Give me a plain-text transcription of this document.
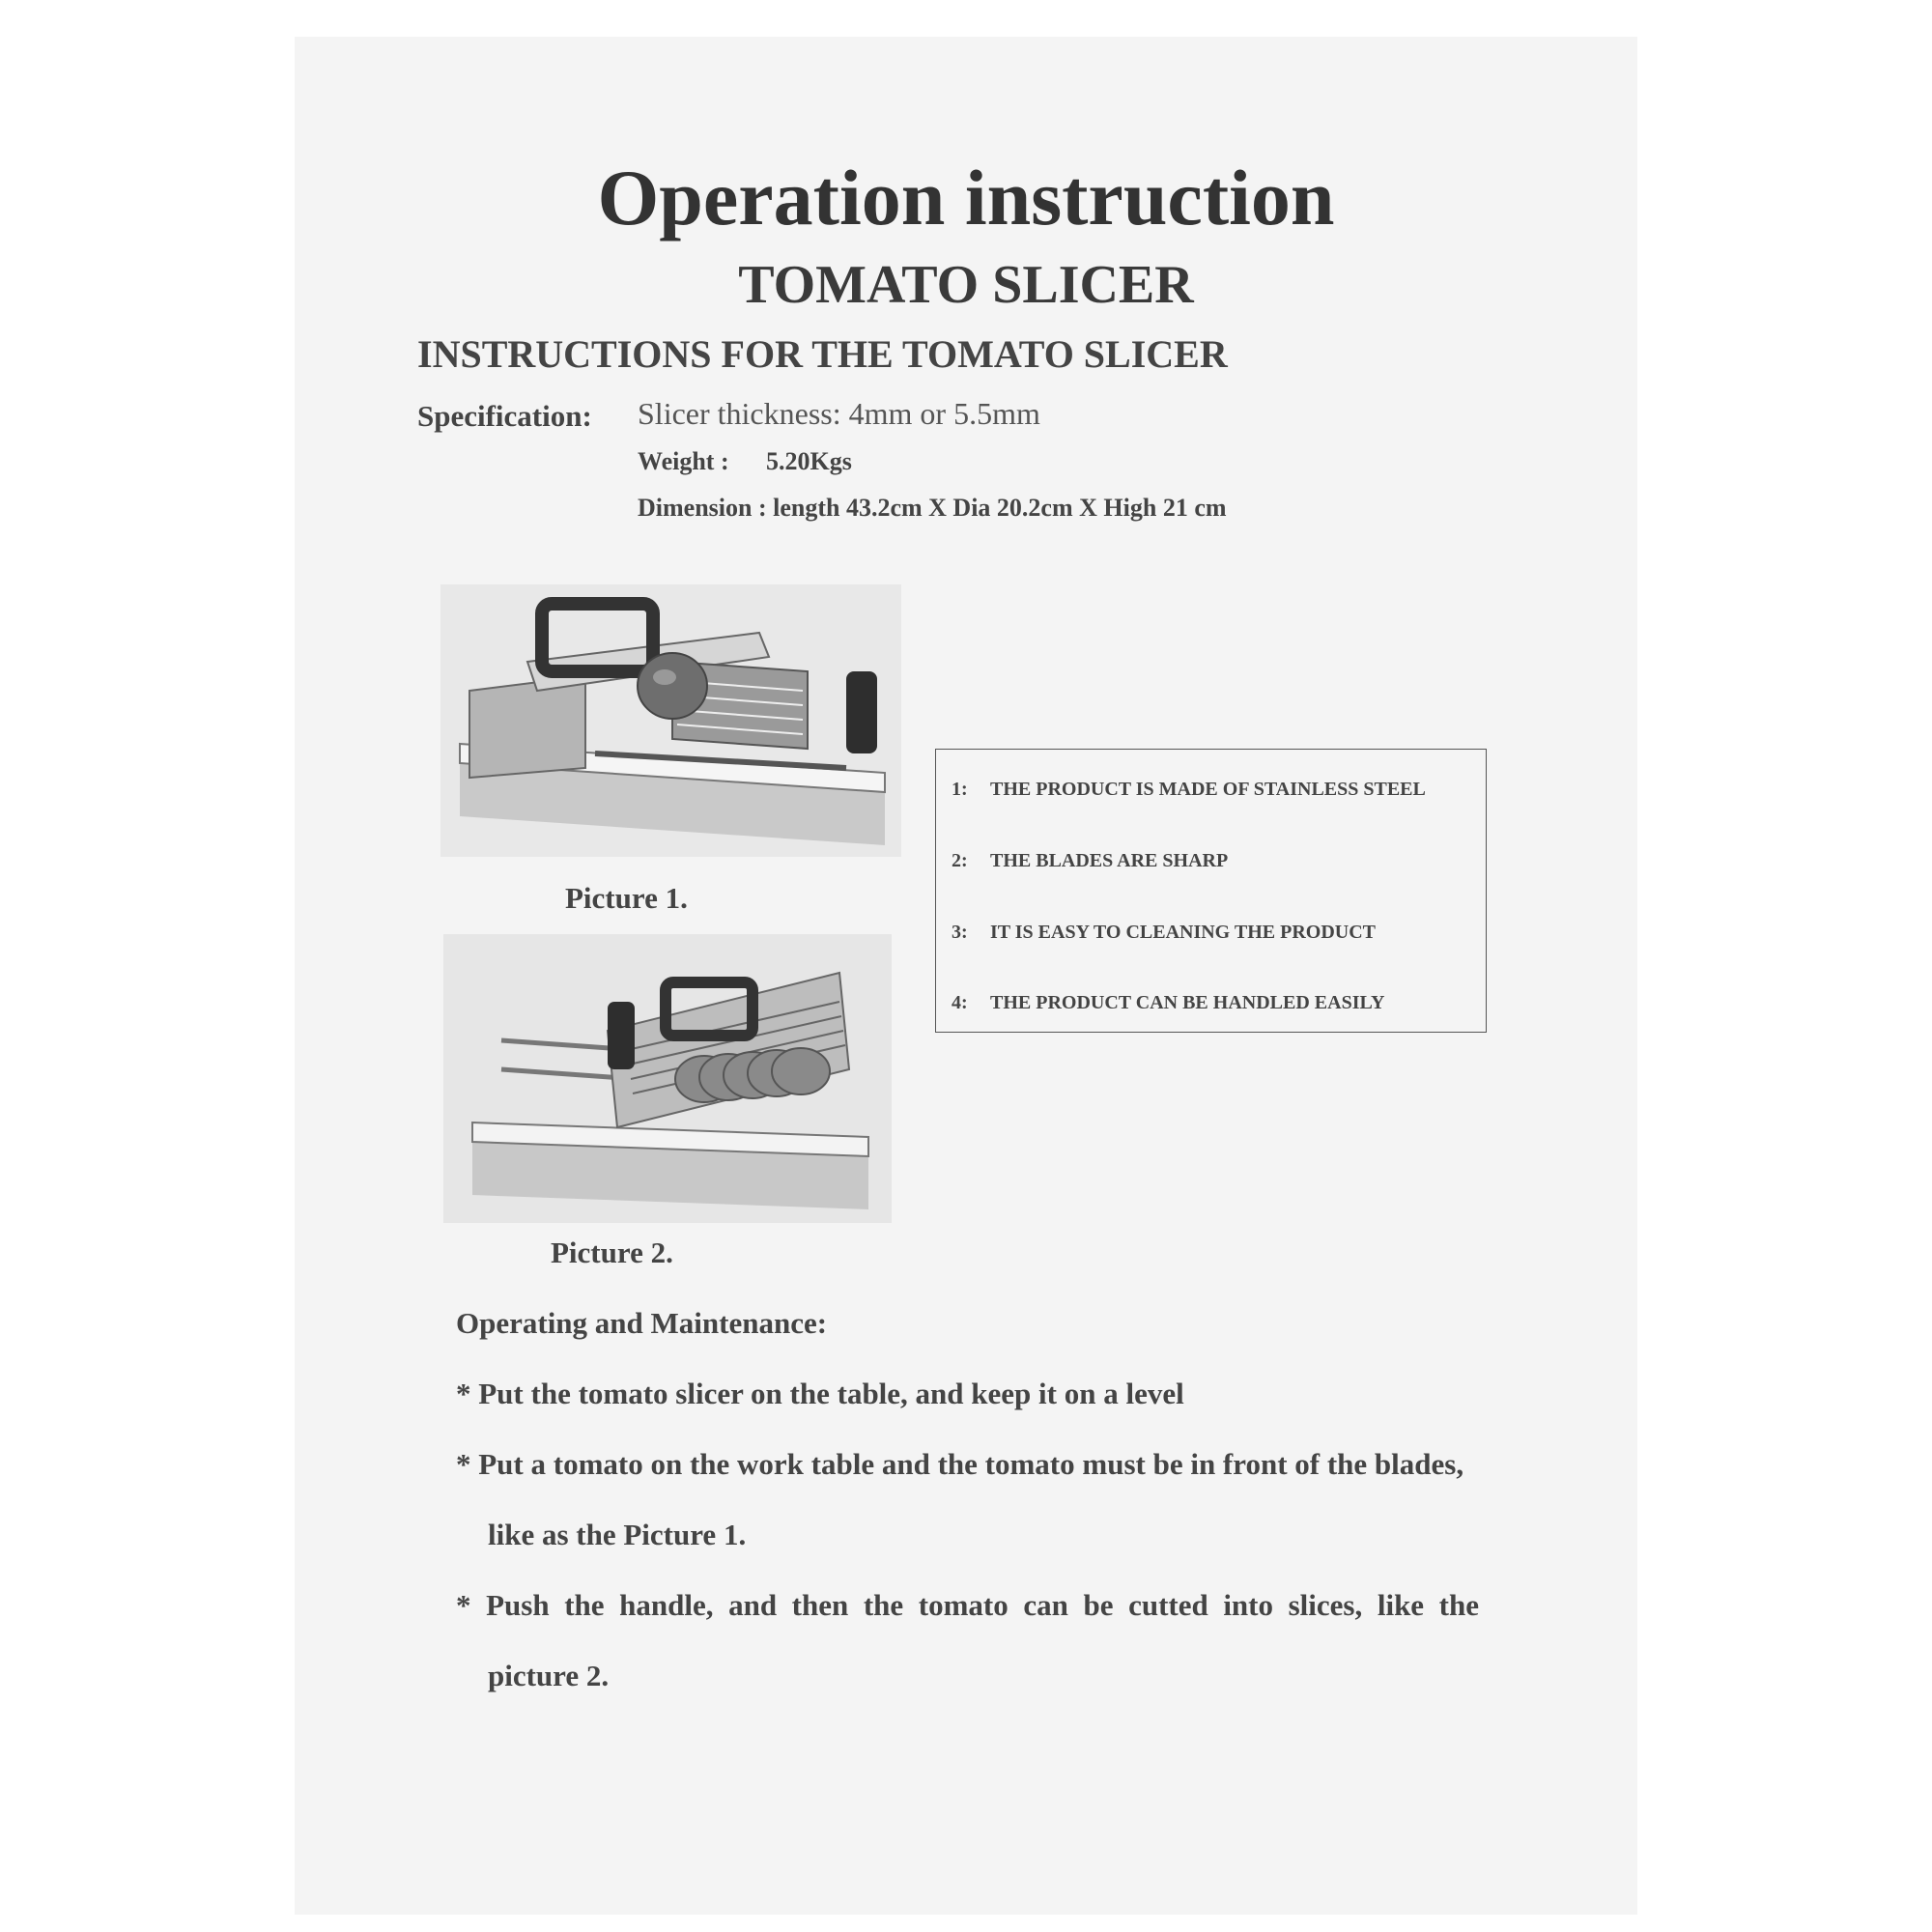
Operation instruction
TOMATO SLICER
INSTRUCTIONS FOR THE TOMATO SLICER
Specification: Slicer thickness: 4mm or 5.5mm
Weight : 5.20Kgs
Dimension : length 43.2cm X Dia 20.2cm X High 21 cm
Picture 1.
Picture 2.
1: THE PRODUCT IS MADE OF STAINLESS STEEL
2: THE BLADES ARE SHARP
3: IT IS EASY TO CLEANING THE PRODUCT
4: THE PRODUCT CAN BE HANDLED EASILY
Operating and Maintenance:
* Put the tomato slicer on the table, and keep it on a level
* Put a tomato on the work table and the tomato must be in front of the blades,
like as the Picture 1.
* Push the handle, and then the tomato can be cutted into slices, like the
picture 2.
